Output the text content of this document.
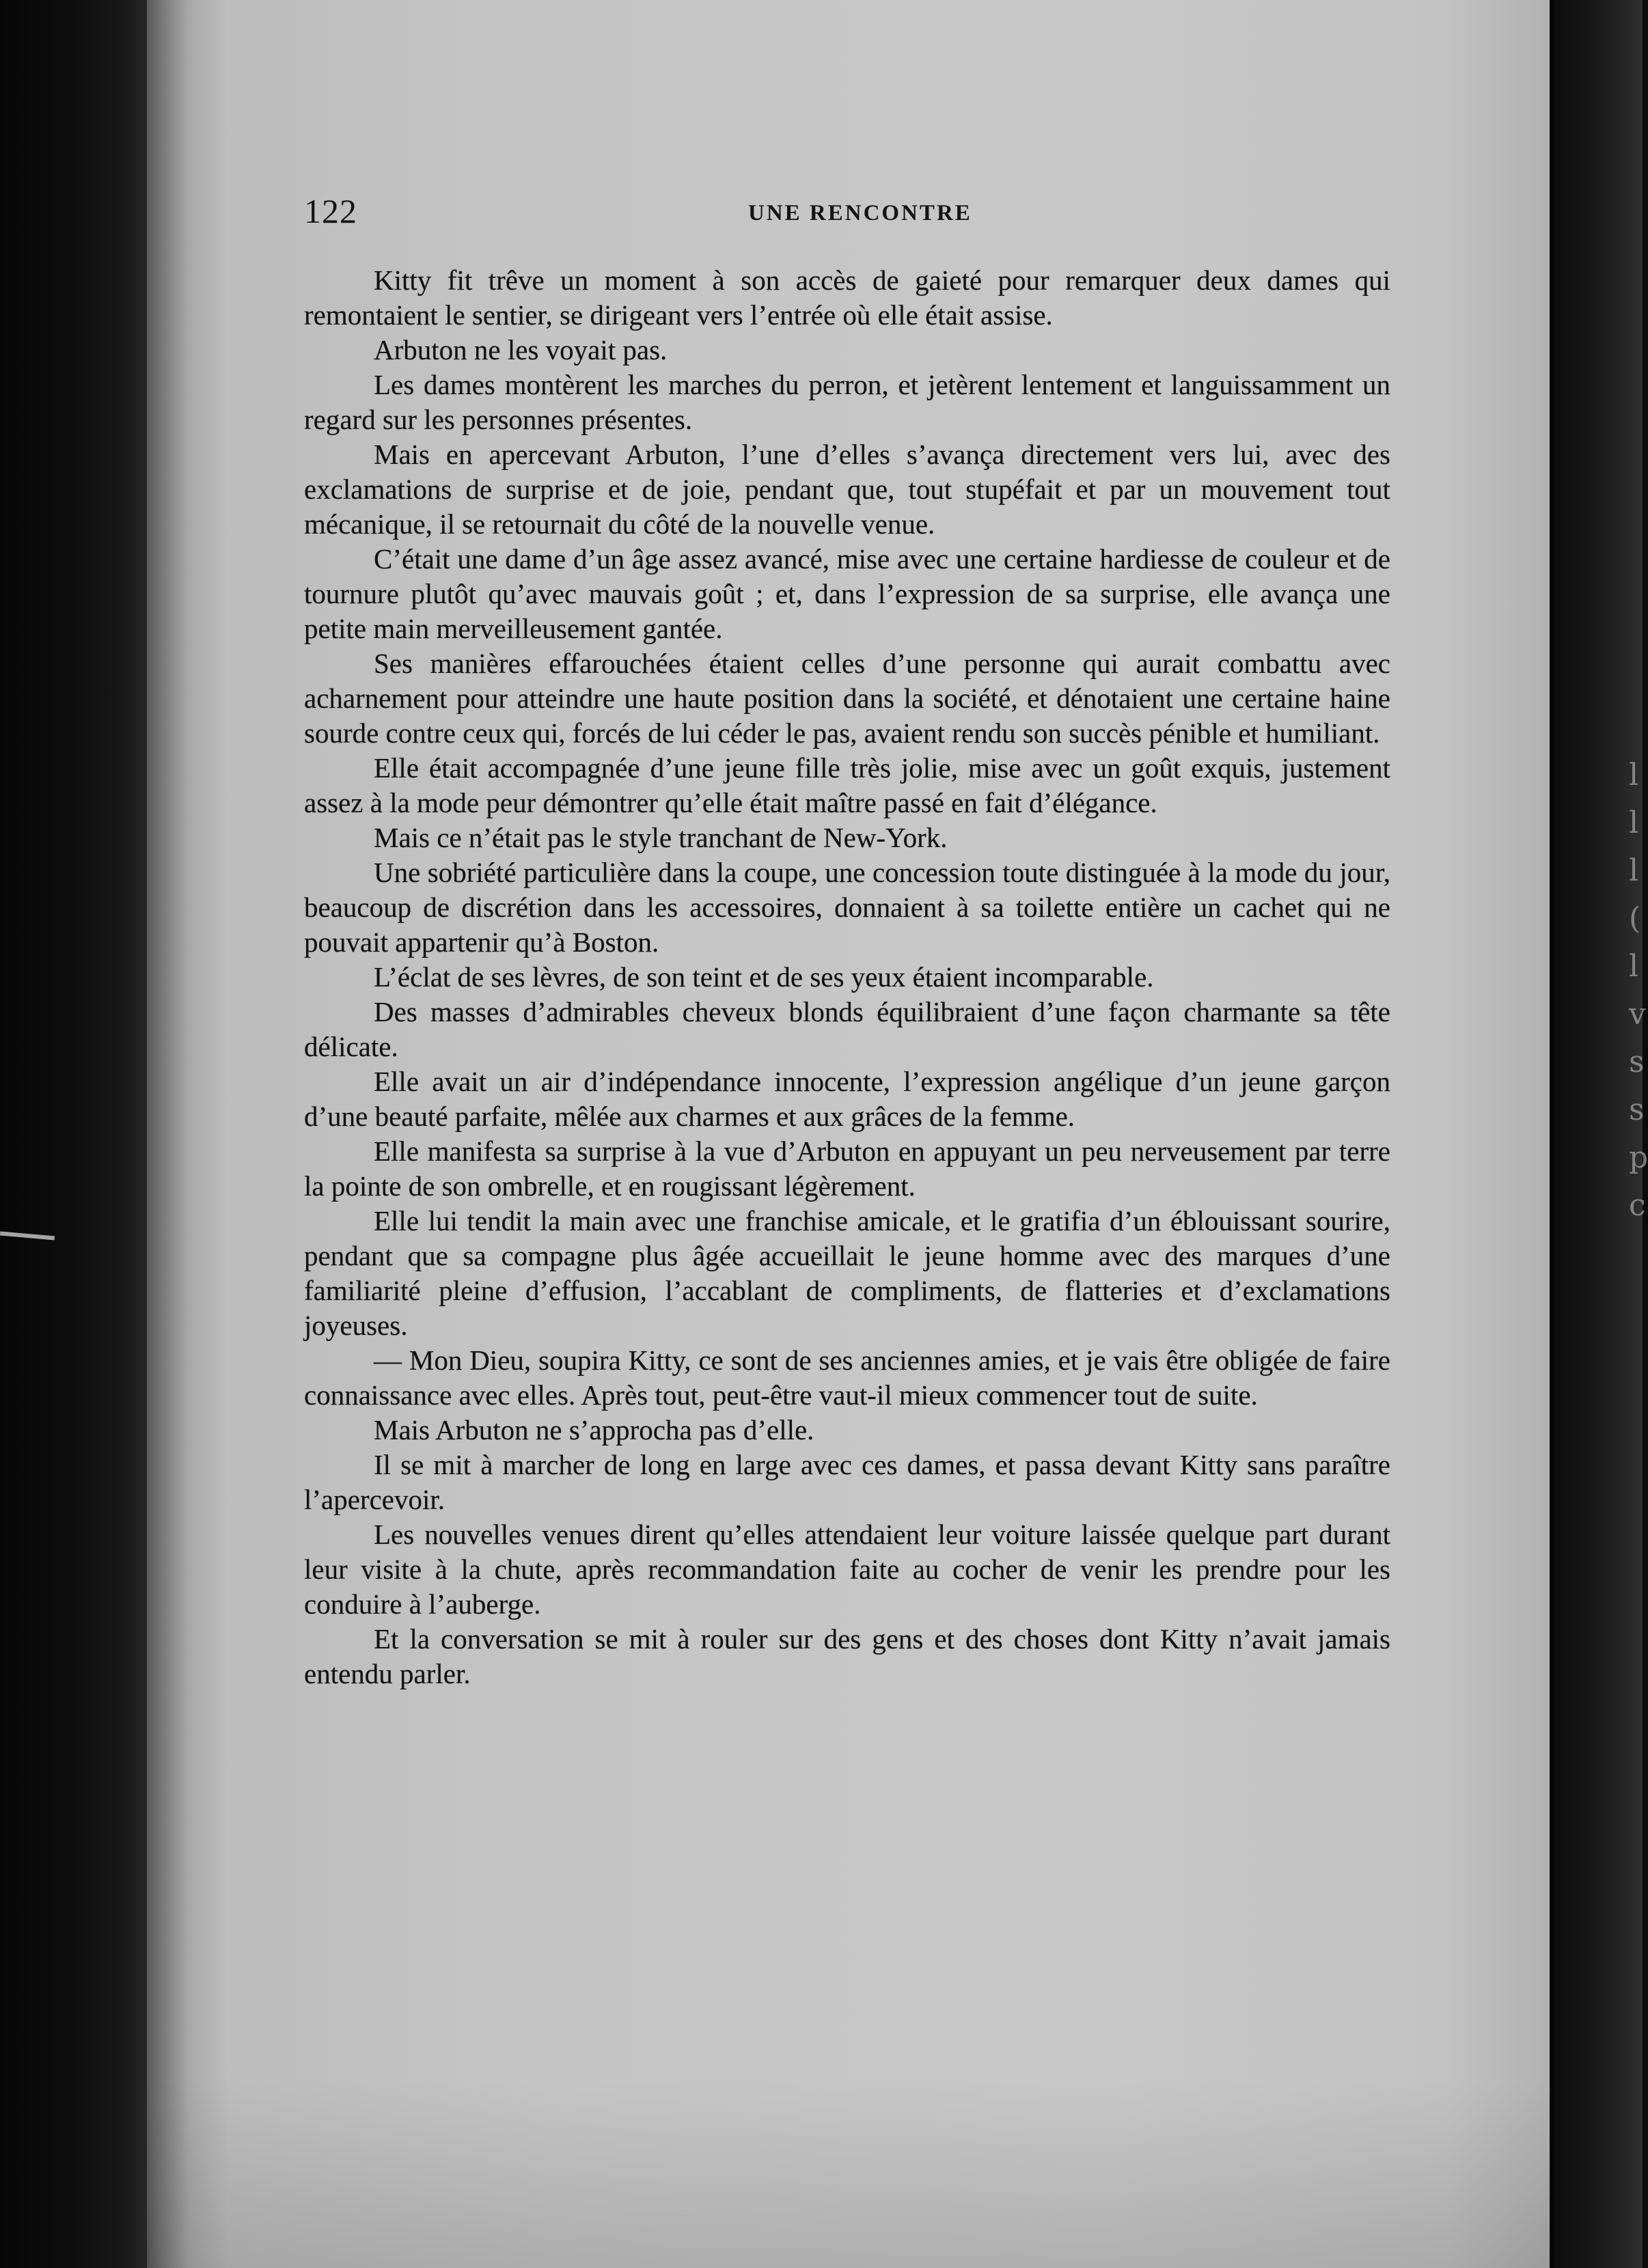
l
l
l
(
l
v
s
s
p
c
122	UNE RENCONTRE

Kitty fit trêve un moment à son accès de gaieté pour remarquer deux dames qui remontaient le sentier, se dirigeant vers l’entrée où elle était assise.

Arbuton ne les voyait pas.

Les dames montèrent les marches du perron, et jetèrent lentement et languissamment un regard sur les personnes présentes.

Mais en apercevant Arbuton, l’une d’elles s’avança directement vers lui, avec des exclamations de surprise et de joie, pendant que, tout stupéfait et par un mouvement tout mécanique, il se retournait du côté de la nouvelle venue.

C’était une dame d’un âge assez avancé, mise avec une certaine hardiesse de couleur et de tournure plutôt qu’avec mauvais goût ; et, dans l’expression de sa surprise, elle avança une petite main merveilleusement gantée.

Ses manières effarouchées étaient celles d’une personne qui aurait combattu avec acharnement pour atteindre une haute position dans la société, et dénotaient une certaine haine sourde contre ceux qui, forcés de lui céder le pas, avaient rendu son succès pénible et humiliant.

Elle était accompagnée d’une jeune fille très jolie, mise avec un goût exquis, justement assez à la mode peur démontrer qu’elle était maître passé en fait d’élégance.

Mais ce n’était pas le style tranchant de New-York.

Une sobriété particulière dans la coupe, une concession toute distinguée à la mode du jour, beaucoup de discrétion dans les accessoires, donnaient à sa toilette entière un cachet qui ne pouvait appartenir qu’à Boston.

L’éclat de ses lèvres, de son teint et de ses yeux étaient incomparable.

Des masses d’admirables cheveux blonds équilibraient d’une façon charmante sa tête délicate.

Elle avait un air d’indépendance innocente, l’expression angélique d’un jeune garçon d’une beauté parfaite, mêlée aux charmes et aux grâces de la femme.

Elle manifesta sa surprise à la vue d’Arbuton en appuyant un peu nerveusement par terre la pointe de son ombrelle, et en rougissant légèrement.

Elle lui tendit la main avec une franchise amicale, et le gratifia d’un éblouissant sourire, pendant que sa compagne plus âgée accueillait le jeune homme avec des marques d’une familiarité pleine d’effusion, l’accablant de compliments, de flatteries et d’exclamations joyeuses.

— Mon Dieu, soupira Kitty, ce sont de ses anciennes amies, et je vais être obligée de faire connaissance avec elles. Après tout, peut-être vaut-il mieux commencer tout de suite.

Mais Arbuton ne s’approcha pas d’elle.

Il se mit à marcher de long en large avec ces dames, et passa devant Kitty sans paraître l’apercevoir.

Les nouvelles venues dirent qu’elles attendaient leur voiture laissée quelque part durant leur visite à la chute, après recommandation faite au cocher de venir les prendre pour les conduire à l’auberge.

Et la conversation se mit à rouler sur des gens et des choses dont Kitty n’avait jamais entendu parler.
